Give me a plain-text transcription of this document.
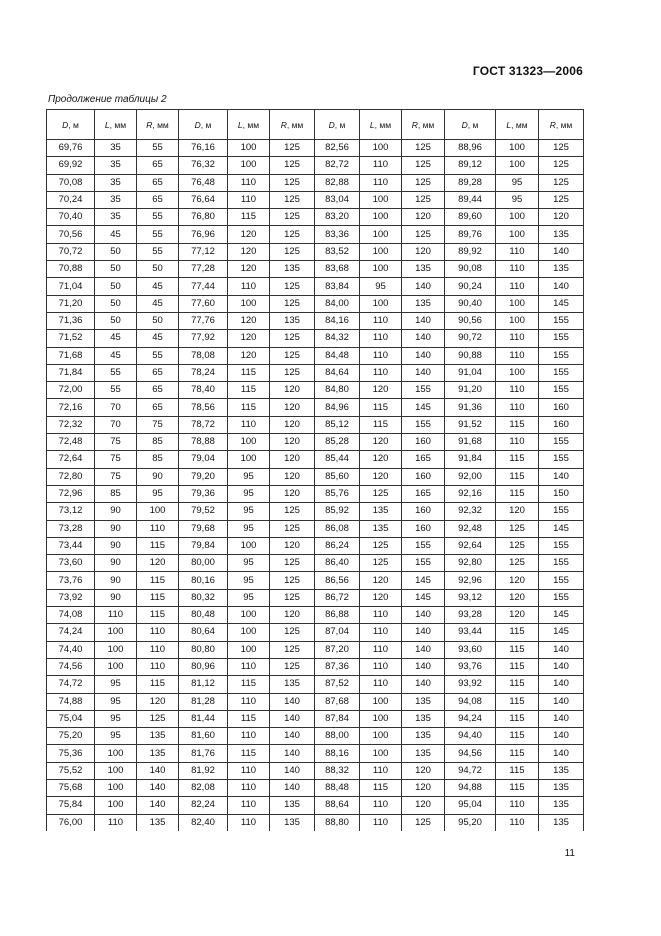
ГОСТ 31323—2006
Продолжение таблицы 2
D, м	L, мм	R, мм	D, м	L, мм	R, мм	D, м	L, мм	R, мм	D, м	L, мм	R, мм
69,76	35	55	76,16	100	125	82,56	100	125	88,96	100	125
69,92	35	65	76,32	100	125	82,72	110	125	89,12	100	125
70,08	35	65	76,48	110	125	82,88	110	125	89,28	95	125
70,24	35	65	76,64	110	125	83,04	100	125	89,44	95	125
70,40	35	55	76,80	115	125	83,20	100	120	89,60	100	120
70,56	45	55	76,96	120	125	83,36	100	125	89,76	100	135
70,72	50	55	77,12	120	125	83,52	100	120	89,92	110	140
70,88	50	50	77,28	120	135	83,68	100	135	90,08	110	135
71,04	50	45	77,44	110	125	83,84	95	140	90,24	110	140
71,20	50	45	77,60	100	125	84,00	100	135	90,40	100	145
71,36	50	50	77,76	120	135	84,16	110	140	90,56	100	155
71,52	45	45	77,92	120	125	84,32	110	140	90,72	110	155
71,68	45	55	78,08	120	125	84,48	110	140	90,88	110	155
71,84	55	65	78,24	115	125	84,64	110	140	91,04	100	155
72,00	55	65	78,40	115	120	84,80	120	155	91,20	110	155
72,16	70	65	78,56	115	120	84,96	115	145	91,36	110	160
72,32	70	75	78,72	110	120	85,12	115	155	91,52	115	160
72,48	75	85	78,88	100	120	85,28	120	160	91,68	110	155
72,64	75	85	79,04	100	120	85,44	120	165	91,84	115	155
72,80	75	90	79,20	95	120	85,60	120	160	92,00	115	140
72,96	85	95	79,36	95	120	85,76	125	165	92,16	115	150
73,12	90	100	79,52	95	125	85,92	135	160	92,32	120	155
73,28	90	110	79,68	95	125	86,08	135	160	92,48	125	145
73,44	90	115	79,84	100	120	86,24	125	155	92,64	125	155
73,60	90	120	80,00	95	125	86,40	125	155	92,80	125	155
73,76	90	115	80,16	95	125	86,56	120	145	92,96	120	155
73,92	90	115	80,32	95	125	86,72	120	145	93,12	120	155
74,08	110	115	80,48	100	120	86,88	110	140	93,28	120	145
74,24	100	110	80,64	100	125	87,04	110	140	93,44	115	145
74,40	100	110	80,80	100	125	87,20	110	140	93,60	115	140
74,56	100	110	80,96	110	125	87,36	110	140	93,76	115	140
74,72	95	115	81,12	115	135	87,52	110	140	93,92	115	140
74,88	95	120	81,28	110	140	87,68	100	135	94,08	115	140
75,04	95	125	81,44	115	140	87,84	100	135	94,24	115	140
75,20	95	135	81,60	110	140	88,00	100	135	94,40	115	140
75,36	100	135	81,76	115	140	88,16	100	135	94,56	115	140
75,52	100	140	81,92	110	140	88,32	110	120	94,72	115	135
75,68	100	140	82,08	110	140	88,48	115	120	94,88	115	135
75,84	100	140	82,24	110	135	88,64	110	120	95,04	110	135
76,00	110	135	82,40	110	135	88,80	110	125	95,20	110	135
11
